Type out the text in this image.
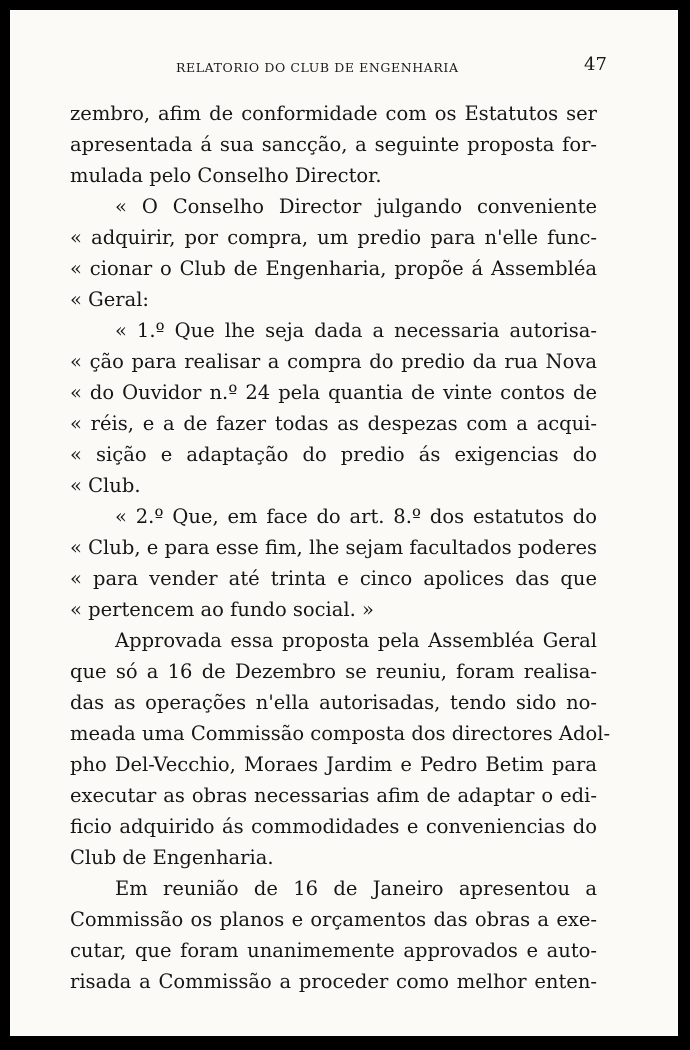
RELATORIO DO CLUB DE ENGENHARIA	47
zembro, afim de conformidade com os Estatutos ser
apresentada á sua sancção, a seguinte proposta for-
mulada pelo Conselho Director.
« O Conselho Director julgando conveniente
« adquirir, por compra, um predio para n'elle func-
« cionar o Club de Engenharia, propõe á Assembléa
« Geral:
« 1.º Que lhe seja dada a necessaria autorisa-
« ção para realisar a compra do predio da rua Nova
« do Ouvidor n.º 24 pela quantia de vinte contos de
« réis, e a de fazer todas as despezas com a acqui-
« sição e adaptação do predio ás exigencias do
« Club.
« 2.º Que, em face do art. 8.º dos estatutos do
« Club, e para esse fim, lhe sejam facultados poderes
« para vender até trinta e cinco apolices das que
« pertencem ao fundo social. »
Approvada essa proposta pela Assembléa Geral
que só a 16 de Dezembro se reuniu, foram realisa-
das as operações n'ella autorisadas, tendo sido no-
meada uma Commissão composta dos directores Adol-
pho Del-Vecchio, Moraes Jardim e Pedro Betim para
executar as obras necessarias afim de adaptar o edi-
ficio adquirido ás commodidades e conveniencias do
Club de Engenharia.
Em reunião de 16 de Janeiro apresentou a
Commissão os planos e orçamentos das obras a exe-
cutar, que foram unanimemente approvados e auto-
risada a Commissão a proceder como melhor enten-
